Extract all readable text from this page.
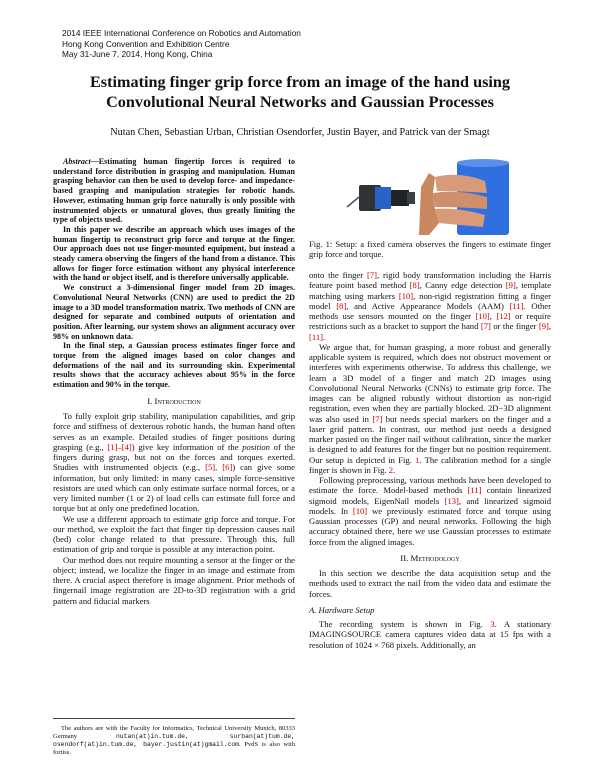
2014 IEEE International Conference on Robotics and Automation
Hong Kong Convention and Exhibition Centre
May 31-June 7, 2014, Hong Kong, China
Estimating finger grip force from an image of the hand using
Convolutional Neural Networks and Gaussian Processes
Nutan Chen, Sebastian Urban, Christian Osendorfer, Justin Bayer, and Patrick van der Smagt

Abstract—Estimating human fingertip forces is required to understand force distribution in grasping and manipulation. Human grasping behavior can then be used to develop force- and impedance-based grasping and manipulation strategies for robotic hands. However, estimating human grip force naturally is only possible with instrumented objects or unnatural gloves, thus greatly limiting the type of objects used.

In this paper we describe an approach which uses images of the human fingertip to reconstruct grip force and torque at the finger. Our approach does not use finger-mounted equipment, but instead a steady camera observing the fingers of the hand from a distance. This allows for finger force estimation without any physical interference with the hand or object itself, and is therefore universally applicable.

We construct a 3-dimensional finger model from 2D images. Convolutional Neural Networks (CNN) are used to predict the 2D image to a 3D model transformation matrix. Two methods of CNN are designed for separate and combined outputs of orientation and position. After learning, our system shows an alignment accuracy over 98% on unknown data.

In the final step, a Gaussian process estimates finger force and torque from the aligned images based on color changes and deformations of the nail and its surrounding skin. Experimental results shows that the accuracy achieves about 95% in the force estimation and 90% in the torque.

I. Introduction

To fully exploit grip stability, manipulation capabilities, and grip force and stiffness of dexterous robotic hands, the human hand often serves as an example. Detailed studies of finger positions during grasping (e.g., [1]–[4]) give key information of the position of the fingers during grasp, but not on the forces and torques exerted. Studies with instrumented objects (e.g., [5], [6]) can give some information, but only limited: in many cases, simple force-sensitive resistors are used which can only estimate surface normal forces, or a very limited number (1 or 2) of load cells can estimate full force and torque but at only one predefined location.

We use a different approach to estimate grip force and torque. For our method, we exploit the fact that finger tip depression causes nail (bed) color change related to that pressure. Through this, full estimation of grip and torque is possible at any interaction point.

Our method does not require mounting a sensor at the finger or the object; instead, we localize the finger in an image and estimate from there. A crucial aspect therefore is image alignment. Prior methods of fingernail image registration are 2D-to-3D registration with a grid pattern and fiducial markers

The authors are with the Faculty for Informatics, Technical University Munich, 80333 Germany nutan(at)in.tum.de, surban(at)tum.de, osendorf(at)in.tum.de, bayer.justin(at)gmail.com. PvdS is also with fortiss.

Fig. 1: Setup: a fixed camera observes the fingers to estimate finger grip force and torque.

onto the finger [7], rigid body transformation including the Harris feature point based method [8], Canny edge detection [9], template matching using markers [10], non-rigid registration fitting a finger model [8], and Active Appearance Models (AAM) [11]. Other methods use sensors mounted on the finger [10], [12] or require restrictions such as a bracket to support the hand [7] or the finger [9], [11].

We argue that, for human grasping, a more robust and generally applicable system is required, which does not obstruct movement or interferes with experiments otherwise. To address this challenge, we learn a 3D model of a finger and match 2D images using Convolutional Neural Networks (CNNs) to estimate grip force. The images can be aligned robustly without distortion as non-rigid registration, even when they are partially blocked. 2D−3D alignment was also used in [7] but needs special markers on the finger and a laser grid pattern. In contrast, our method just needs a designed marker pasted on the finger nail without calibration, since the marker is designed to add features for the finger but no position requirement. Our setup is depicted in Fig. 1. The calibration method for a single finger is shown in Fig. 2.

Following preprocessing, various methods have been developed to estimate the force. Model-based methods [11] contain linearized sigmoid models, EigenNail models [13], and linearized sigmoid models. In [10] we previously estimated force and torque using Gaussian processes (GP) and neural networks. Following the high accuracy obtained there, here we use Gaussian processes to estimate force from the aligned images.

II. Methodology

In this section we describe the data acquisition setup and the methods used to extract the nail from the video data and estimate the forces.

A. Hardware Setup

The recording system is shown in Fig. 3. A stationary IMAGINGSOURCE camera captures video data at 15 fps with a resolution of 1024 × 768 pixels. Additionally, an
